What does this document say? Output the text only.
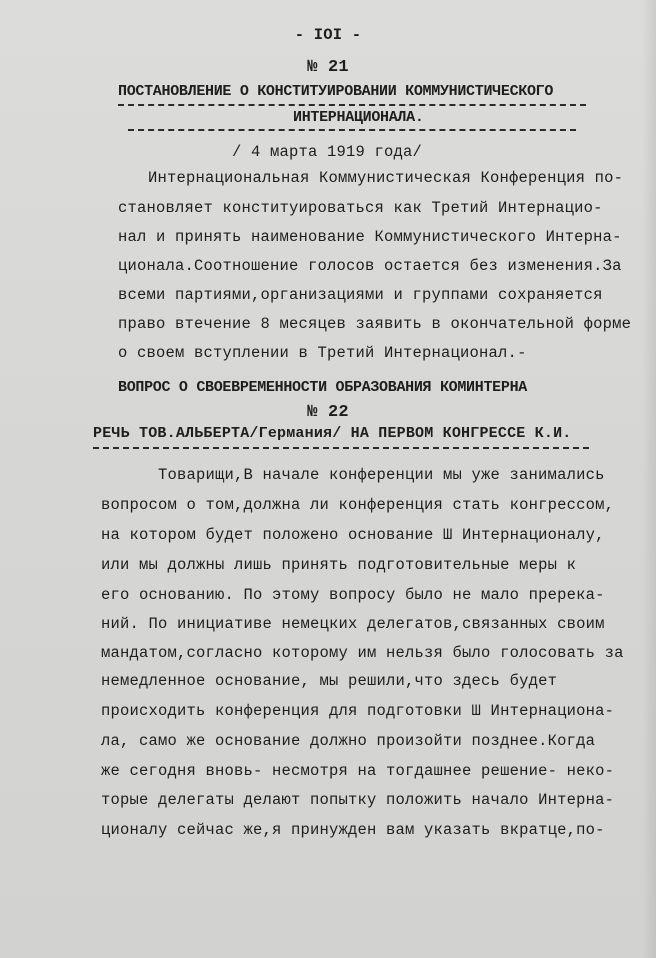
- IOI -
№ 21
ПОСТАНОВЛЕНИЕ О КОНСТИТУИРОВАНИИ КОММУНИСТИЧЕСКОГО
ИНТЕРНАЦИОНАЛА.
/ 4 марта 1919 года/
Интернациональная Коммунистическая Конференция по-
становляет конституироваться как Третий Интернацио-
нал и принять наименование Коммунистического Интерна-
ционала.Соотношение голосов остается без изменения.За
всеми партиями,организациями и группами сохраняется
право втечение 8 месяцев заявить в окончательной форме
о своем вступлении в Третий Интернационал.-
ВОПРОС О СВОЕВРЕМЕННОСТИ ОБРАЗОВАНИЯ КОМИНТЕРНА
№ 22
РЕЧЬ ТОВ.АЛЬБЕРТА/Германия/ НА ПЕРВОМ КОНГРЕССЕ К.И.
Товарищи,В начале конференции мы уже занимались
вопросом о том,должна ли конференция стать конгрессом,
на котором будет положено основание Ш Интернационалу,
или мы должны лишь принять подготовительные меры к
его основанию. По этому вопросу было не мало пререка-
ний. По инициативе немецких делегатов,связанных своим
мандатом,согласно которому им нельзя было голосовать за
немедленное основание, мы решили,что здесь будет
происходить конференция для подготовки Ш Интернациона-
ла, само же основание должно произойти позднее.Когда
же сегодня вновь- несмотря на тогдашнее решение- неко-
торые делегаты делают попытку положить начало Интерна-
ционалу сейчас же,я принужден вам указать вкратце,по-
